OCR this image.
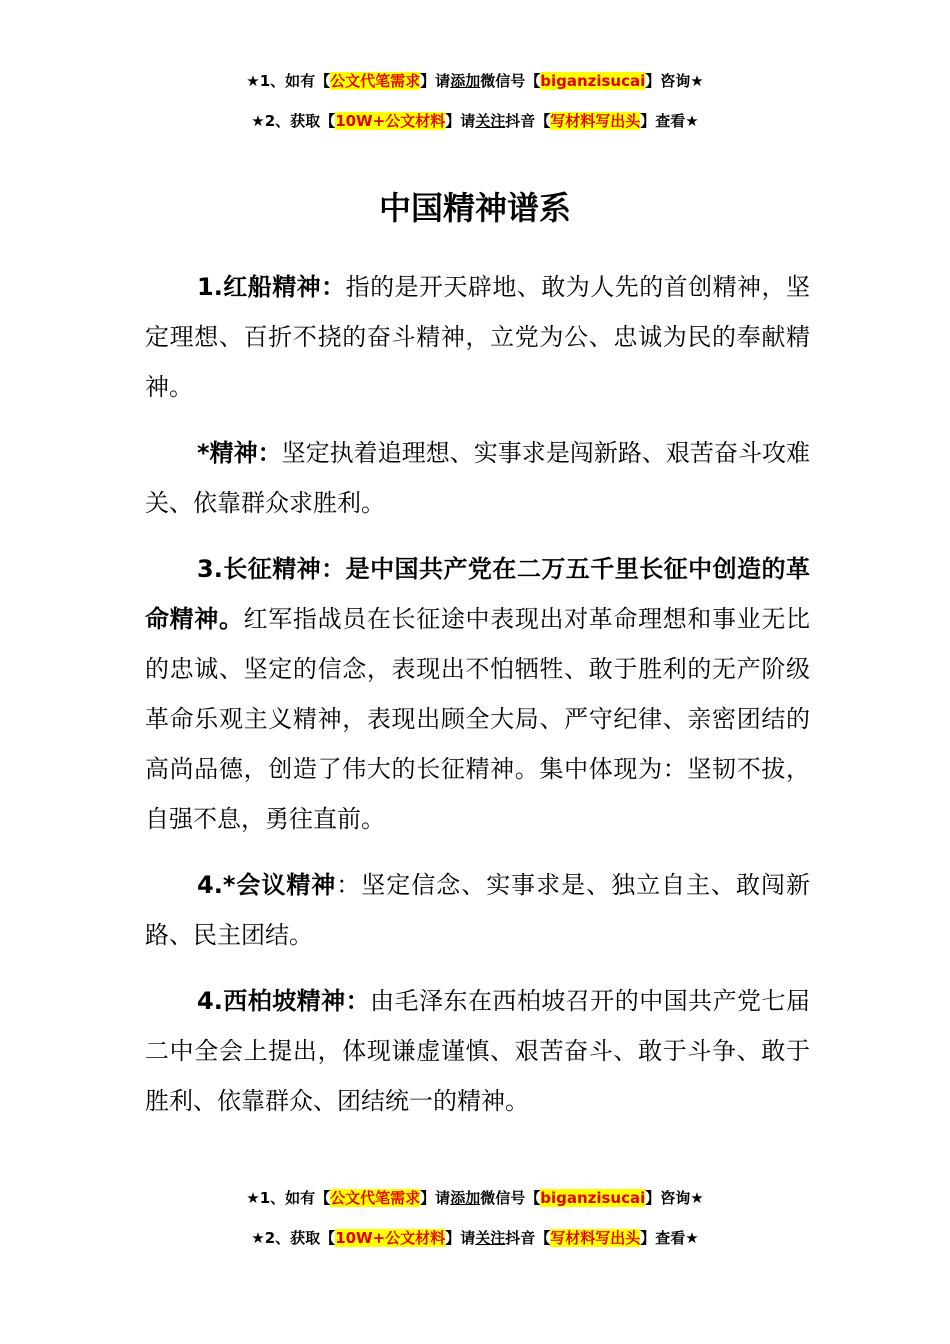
★1、如有【公文代笔需求】请添加微信号【biganzisucai】咨询★
★2、获取【10W+公文材料】请关注抖音【写材料写出头】查看★
中国精神谱系

1.红船精神：指的是开天辟地、敢为人先的首创精神，坚定理想、百折不挠的奋斗精神，立党为公、忠诚为民的奉献精神。

*精神：坚定执着追理想、实事求是闯新路、艰苦奋斗攻难关、依靠群众求胜利。

3.长征精神：是中国共产党在二万五千里长征中创造的革命精神。红军指战员在长征途中表现出对革命理想和事业无比的忠诚、坚定的信念，表现出不怕牺牲、敢于胜利的无产阶级革命乐观主义精神，表现出顾全大局、严守纪律、亲密团结的高尚品德，创造了伟大的长征精神。集中体现为：坚韧不拔，自强不息，勇往直前。

4.*会议精神：坚定信念、实事求是、独立自主、敢闯新路、民主团结。

4.西柏坡精神：由毛泽东在西柏坡召开的中国共产党七届二中全会上提出，体现谦虚谨慎、艰苦奋斗、敢于斗争、敢于胜利、依靠群众、团结统一的精神。

★1、如有【公文代笔需求】请添加微信号【biganzisucai】咨询★
★2、获取【10W+公文材料】请关注抖音【写材料写出头】查看★
